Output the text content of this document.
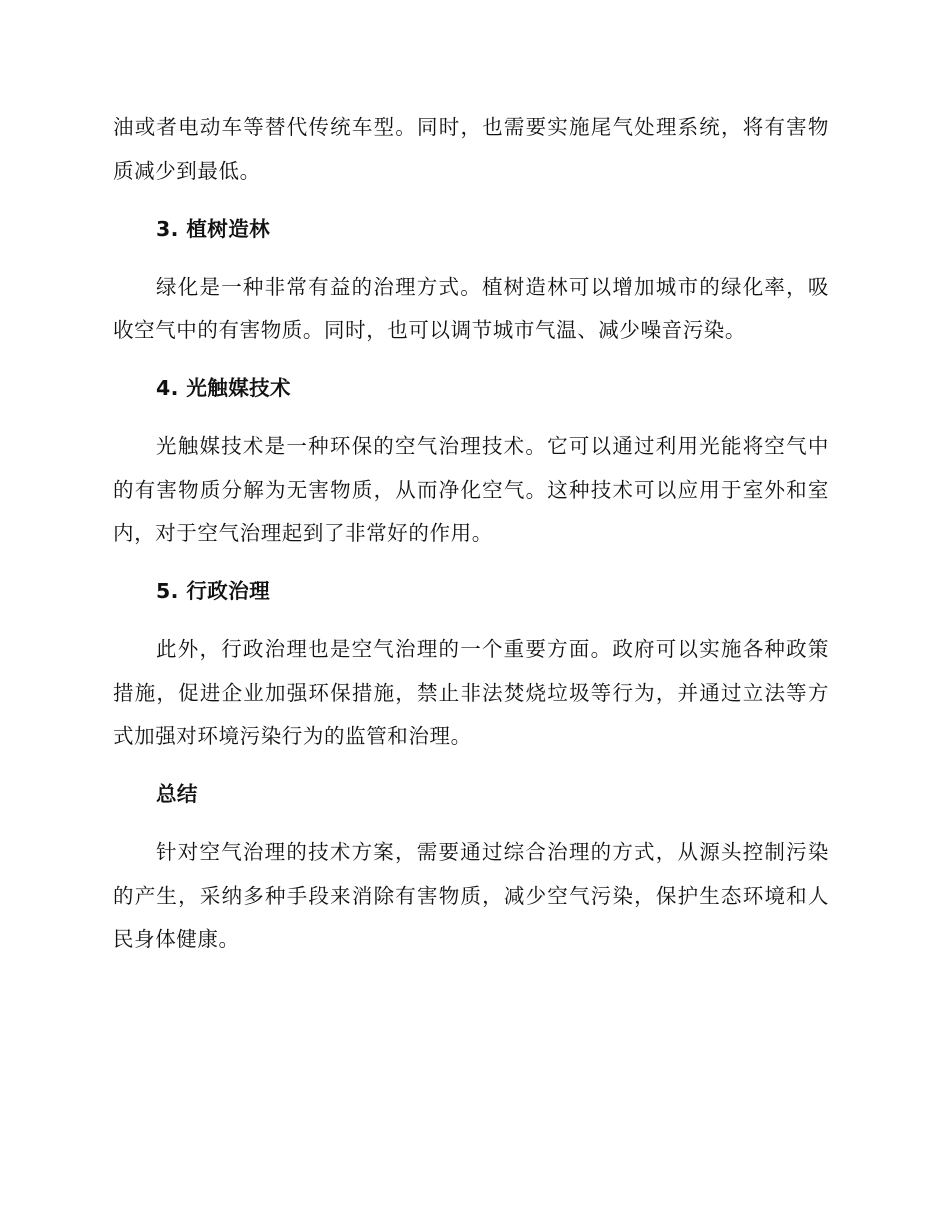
油或者电动车等替代传统车型。同时，也需要实施尾气处理系统，将有害物质减少到最低。

3. 植树造林

绿化是一种非常有益的治理方式。植树造林可以增加城市的绿化率，吸收空气中的有害物质。同时，也可以调节城市气温、减少噪音污染。

4. 光触媒技术

光触媒技术是一种环保的空气治理技术。它可以通过利用光能将空气中的有害物质分解为无害物质，从而净化空气。这种技术可以应用于室外和室内，对于空气治理起到了非常好的作用。

5. 行政治理

此外，行政治理也是空气治理的一个重要方面。政府可以实施各种政策措施，促进企业加强环保措施，禁止非法焚烧垃圾等行为，并通过立法等方式加强对环境污染行为的监管和治理。

总结

针对空气治理的技术方案，需要通过综合治理的方式，从源头控制污染的产生，采纳多种手段来消除有害物质，减少空气污染，保护生态环境和人民身体健康。
